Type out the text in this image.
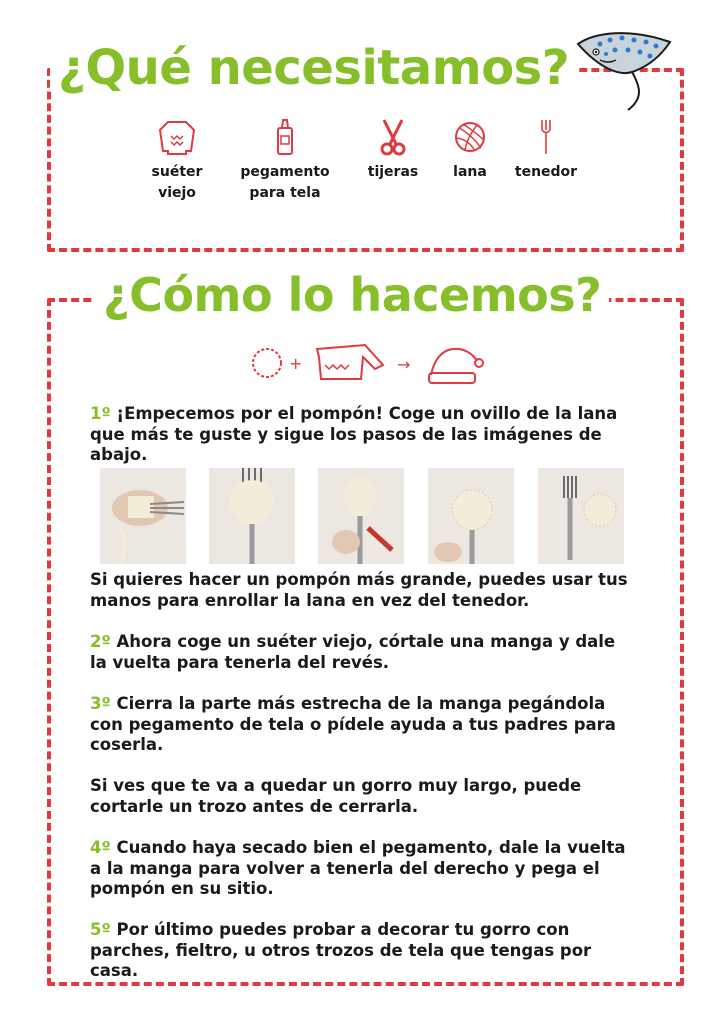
¿Qué necesitamos?
suéter
viejo
pegamento
para tela
tijeras	lana	tenedor
¿Cómo lo hacemos?
+	→
1º ¡Empecemos por el pompón! Coge un ovillo de la lana que más te guste y sigue los pasos de las imágenes de abajo.
Si quieres hacer un pompón más grande, puedes usar tus manos para enrollar la lana en vez del tenedor.
2º Ahora coge un suéter viejo, córtale una manga y dale la vuelta para tenerla del revés.
3º Cierra la parte más estrecha de la manga pegándola con pegamento de tela o pídele ayuda a tus padres para coserla.
Si ves que te va a quedar un gorro muy largo, puede cortarle un trozo antes de cerrarla.
4º Cuando haya secado bien el pegamento, dale la vuelta a la manga para volver a tenerla del derecho y pega el pompón en su sitio.
5º Por último puedes probar a decorar tu gorro con parches, fieltro, u otros trozos de tela que tengas por casa.
